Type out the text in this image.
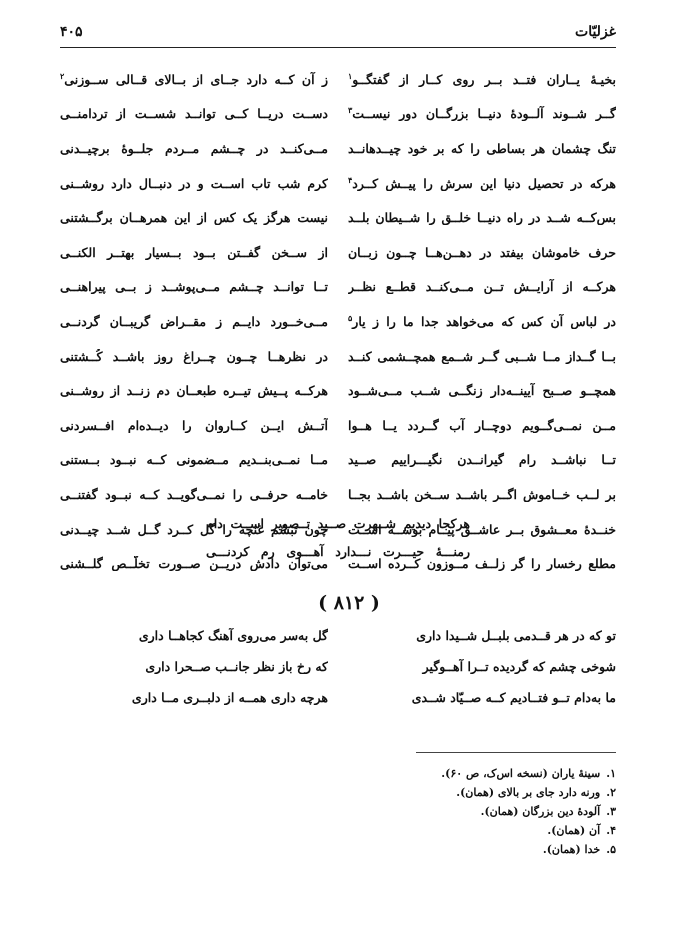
۴۰۵	غزلیّات
بخیـهٔ یــاران فتــد بــر روی کــار از گفتگــو$^۱$
ز آن کــه دارد جــای از بــالای قــالی ســوزنی$^۲$
گــر شــوند آلــودهٔ دنیــا بزرگــان دور نیســت$^۳$
دســت دریــا کــی توانــد شســت از تردامنــی
تنگ چشمان هر بساطی را که بر خود چیــدهانــد
مــی‌کنــد در چــشم مــردم جلــوهٔ برچیــدنی
هرکه در تحصیل دنیا این سرش را پیــش کــرد$^۴$
کرم شب تاب اســت و در دنبــال دارد روشــنی
بس‌کــه شــد در راه دنیــا خلــق را شــیطان بلــد
نیست هرگز یک کس از این همرهــان برگــشتنی
حرف خاموشان بیفتد در دهــن‌هــا چــون زبــان
از ســخن گفــتن بــود بــسیار بهتــر الکنــی
هرکــه از آرایــش تــن مــی‌کنــد قطــع نظــر
تــا توانــد چــشم مــی‌پوشــد ز بــی پیراهنــی
در لباس آن کس که می‌خواهد جدا ما را ز یار$^۵$
مــی‌خــورد دایــم ز مقــراض گریبــان گردنــی
بــا گــداز مــا شــبی گــر شــمع همچــشمی کنــد
در نظرهــا چــون چــراغ روز باشــد کُــشتنی
همچــو صــبح آیینــه‌دار زنگــی شــب مــی‌شــود
هرکــه پــیش تیــره طبعــان دم زنــد از روشــنی
مــن نمــی‌گــویم دوچــار آب گــردد یــا هــوا
آتــش ایــن کــاروان را دیــده‌ام افــسردنی
تــا نباشــد رام گیرانــدن نگیـــراییم صــید
مــا نمــی‌بنــدیم مــضمونی کــه نبــود بــستنی
بر لــب خــاموش اگــر باشــد ســخن باشــد بجــا
خامــه حرفــی را نمــی‌گویــد کــه نبــود گفتنــی
خنــدهٔ معــشوق بــر عاشــق پیــام بوســه اســت
چون تبسّم غنچه را گل کــرد گــل شــد چیــدنی
مطلع رخسار را گر زلــف مــوزون کــرده اســت
می‌توان دادش دریــن صــورت تخلّــص گلــشنی
هرکجا دیدیم شــهرت صــید تــصویر اســت دام
رمنـــهٔ حیـــرت نـــدارد آهـــوی رم کردنـــی
( ۸۱۲ )
تو که در هر قــدمی بلبــل شــیدا داری
گل به‌سر می‌روی آهنگ کجاهــا داری
شوخی چشم که گردیده تــرا آهــوگیر
که رخ باز نظر جانــب صــحرا داری
ما به‌دام تــو فتــادیم کــه صــیّاد شــدی
هرچه داری همــه از دلبــری مــا داری
۱. سینهٔ یاران (نسخه اس‌ک، ص ۶۰).
۲. ورنه دارد جای بر بالای (همان).
۳. آلودهٔ دین بزرگان (همان).
۴. آن (همان).
۵. خدا (همان).
